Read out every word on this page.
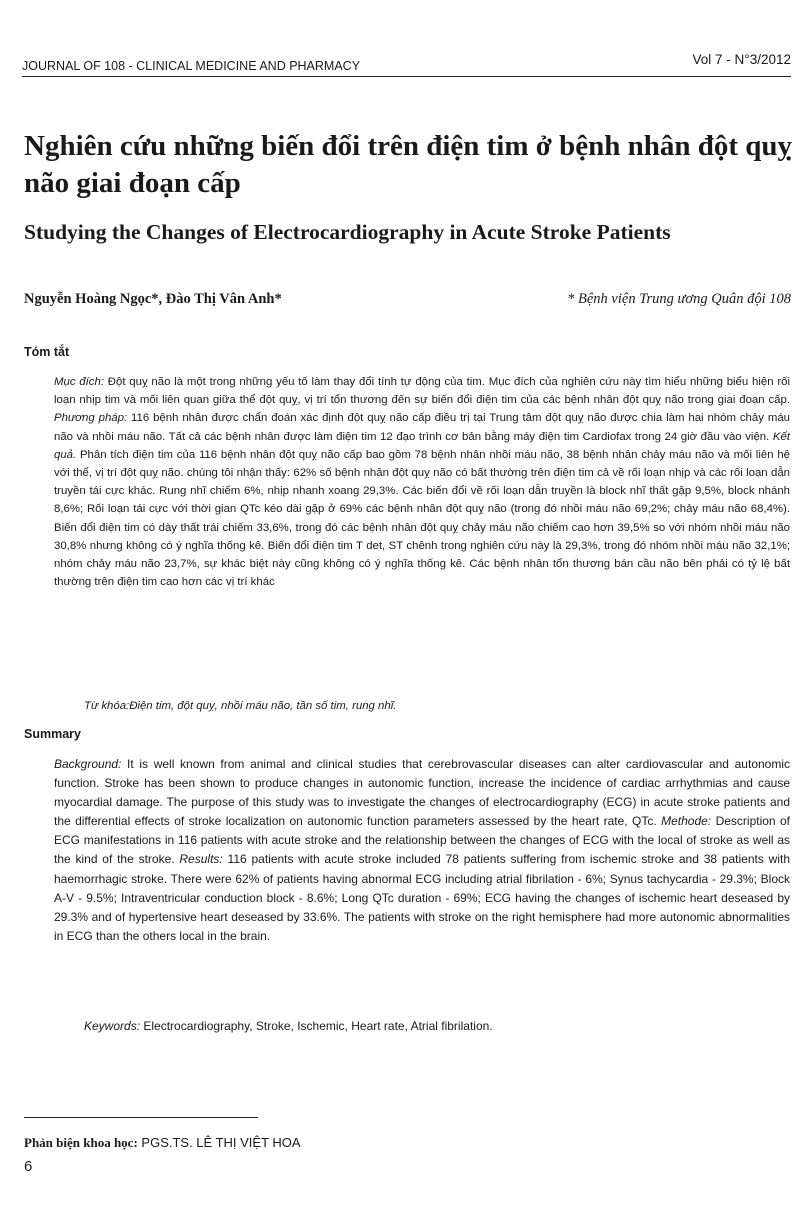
JOURNAL OF 108 - CLINICAL MEDICINE AND PHARMACY	Vol 7 - N°3/2012
Nghiên cứu những biến đổi trên điện tim ở bệnh nhân đột quỵ não giai đoạn cấp
Studying the Changes of Electrocardiography in Acute Stroke Patients
Nguyễn Hoàng Ngọc*, Đào Thị Vân Anh*	* Bệnh viện Trung ương Quân đội 108
Tóm tắt

Mục đích: Đột quỵ não là một trong những yếu tố làm thay đổi tính tự động của tim. Mục đích của nghiên cứu này tìm hiểu những biểu hiện rối loạn nhịp tim và mối liên quan giữa thể đột quỵ, vị trí tổn thương đến sự biến đổi điện tim của các bệnh nhân đột quỵ não trong giai đoạn cấp. Phương pháp: 116 bệnh nhân được chẩn đoán xác định đột quỵ não cấp điều trị tại Trung tâm đột quỵ não được chia làm hai nhóm chảy máu não và nhồi máu não. Tất cả các bệnh nhân được làm điện tim 12 đạo trình cơ bản bằng máy điện tim Cardiofax trong 24 giờ đầu vào viện. Kết quả. Phân tích điện tim của 116 bệnh nhân đột quỵ não cấp bao gồm 78 bệnh nhân nhồi máu não, 38 bệnh nhân chảy máu não và mối liên hệ với thể, vị trí đột quỵ não. chúng tôi nhận thấy: 62% số bệnh nhân đột quỵ não có bất thường trên điện tim cả về rối loạn nhịp và các rối loạn dẫn truyền tái cực khác. Rung nhĩ chiếm 6%, nhịp nhanh xoang 29,3%. Các biến đổi về rối loạn dẫn truyền là block nhĩ thất gặp 9,5%, block nhánh 8,6%; Rối loạn tái cực với thời gian QTc kéo dài gặp ở 69% các bệnh nhân đột quỵ não (trong đó nhồi máu não 69,2%; chảy máu não 68,4%). Biến đổi điện tim có dày thất trái chiếm 33,6%, trong đó các bệnh nhân đột quỵ chảy máu não chiếm cao hơn 39,5% so với nhóm nhồi máu não 30,8% nhưng không có ý nghĩa thống kê. Biến đổi điện tim T det, ST chênh trong nghiên cứu này là 29,3%, trong đó nhóm nhồi máu não 32,1%; nhóm chảy máu não 23,7%, sự khác biệt này cũng không có ý nghĩa thống kê. Các bệnh nhân tổn thương bán cầu não bên phải có tỷ lệ bất thường trên điện tim cao hơn các vị trí khác

Từ khóa:Điện tim, đột quỵ, nhồi máu não, tần số tim, rung nhĩ.
Summary

Background: It is well known from animal and clinical studies that cerebrovascular diseases can alter cardiovascular and autonomic function. Stroke has been shown to produce changes in autonomic function, increase the incidence of cardiac arrhythmias and cause myocardial damage. The purpose of this study was to investigate the changes of electrocardiography (ECG) in acute stroke patients and the differential effects of stroke localization on autonomic function parameters assessed by the heart rate, QTc. Methode: Description of ECG manifestations in 116 patients with acute stroke and the relationship between the changes of ECG with the local of stroke as well as the kind of the stroke. Results: 116 patients with acute stroke included 78 patients suffering from ischemic stroke and 38 patients with haemorrhagic stroke. There were 62% of patients having abnormal ECG including atrial fibrilation - 6%; Synus tachycardia - 29.3%; Block A-V - 9.5%; Intraventricular conduction block - 8.6%; Long QTc duration - 69%; ECG having the changes of ischemic heart deseased by 29.3% and of hypertensive heart deseased by 33.6%. The patients with stroke on the right hemisphere had more autonomic abnormalities in ECG than the others local in the brain.

Keywords: Electrocardiography, Stroke, Ischemic, Heart rate, Atrial fibrilation.
Phản biện khoa học: PGS.TS. LÊ THỊ VIỆT HOA
6
